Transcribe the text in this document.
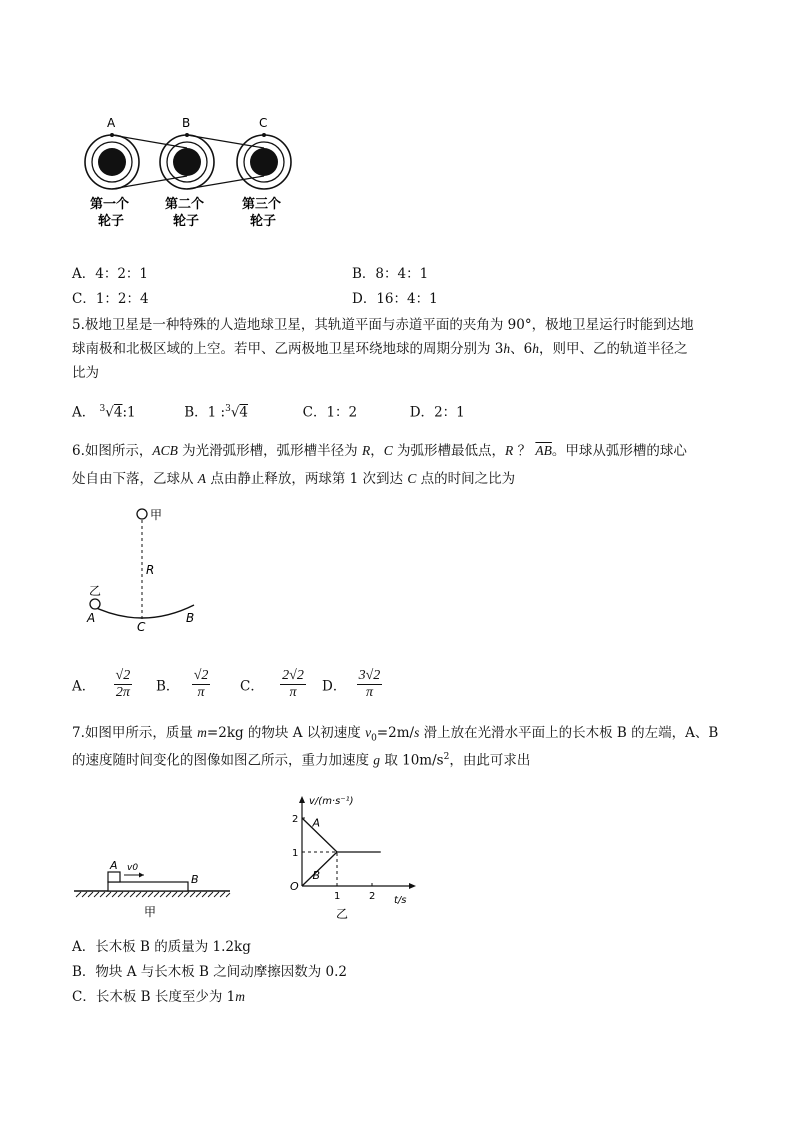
A	B	C
第一个
轮子
第二个
轮子
第三个
轮子
A．4：2：1	B．8：4：1
C．1：2：4	D．16：4：1
5.极地卫星是一种特殊的人造地球卫星，其轨道平面与赤道平面的夹角为 90°，极地卫星运行时能到达地
球南极和北极区域的上空。若甲、乙两极地卫星环绕地球的周期分别为 3h、6h，则甲、乙的轨道半径之
比为
A． $^3$√4:1	B．1 :$^3$√4	C．1：2	D．2：1
6.如图所示，ACB 为光滑弧形槽，弧形槽半径为 R，C 为弧形槽最低点，R ？ $\overline{AB}$。甲球从弧形槽的球心
处自由下落，乙球从 A 点由静止释放，两球第 1 次到达 C 点的时间之比为
甲
R
乙
A
C
B
A． $\frac{√2}{2\pi}$ B． $\frac{√2}{\pi}$ C． $\frac{2√2}{\pi}$ D． $\frac{3√2}{\pi}$
7.如图甲所示，质量 m=2kg 的物块 A 以初速度 $v_0=2m/s$ 滑上放在光滑水平面上的长木板 B 的左端，A、B
的速度随时间变化的图像如图乙所示，重力加速度 g 取 $10m/s^2$，由此可求出
A v0
B
甲
v/(m·s⁻¹)
t/s
O
乙
A
B
1	2
1
2
A．长木板 B 的质量为 1.2kg
B．物块 A 与长木板 B 之间动摩擦因数为 0.2
C．长木板 B 长度至少为 1m
